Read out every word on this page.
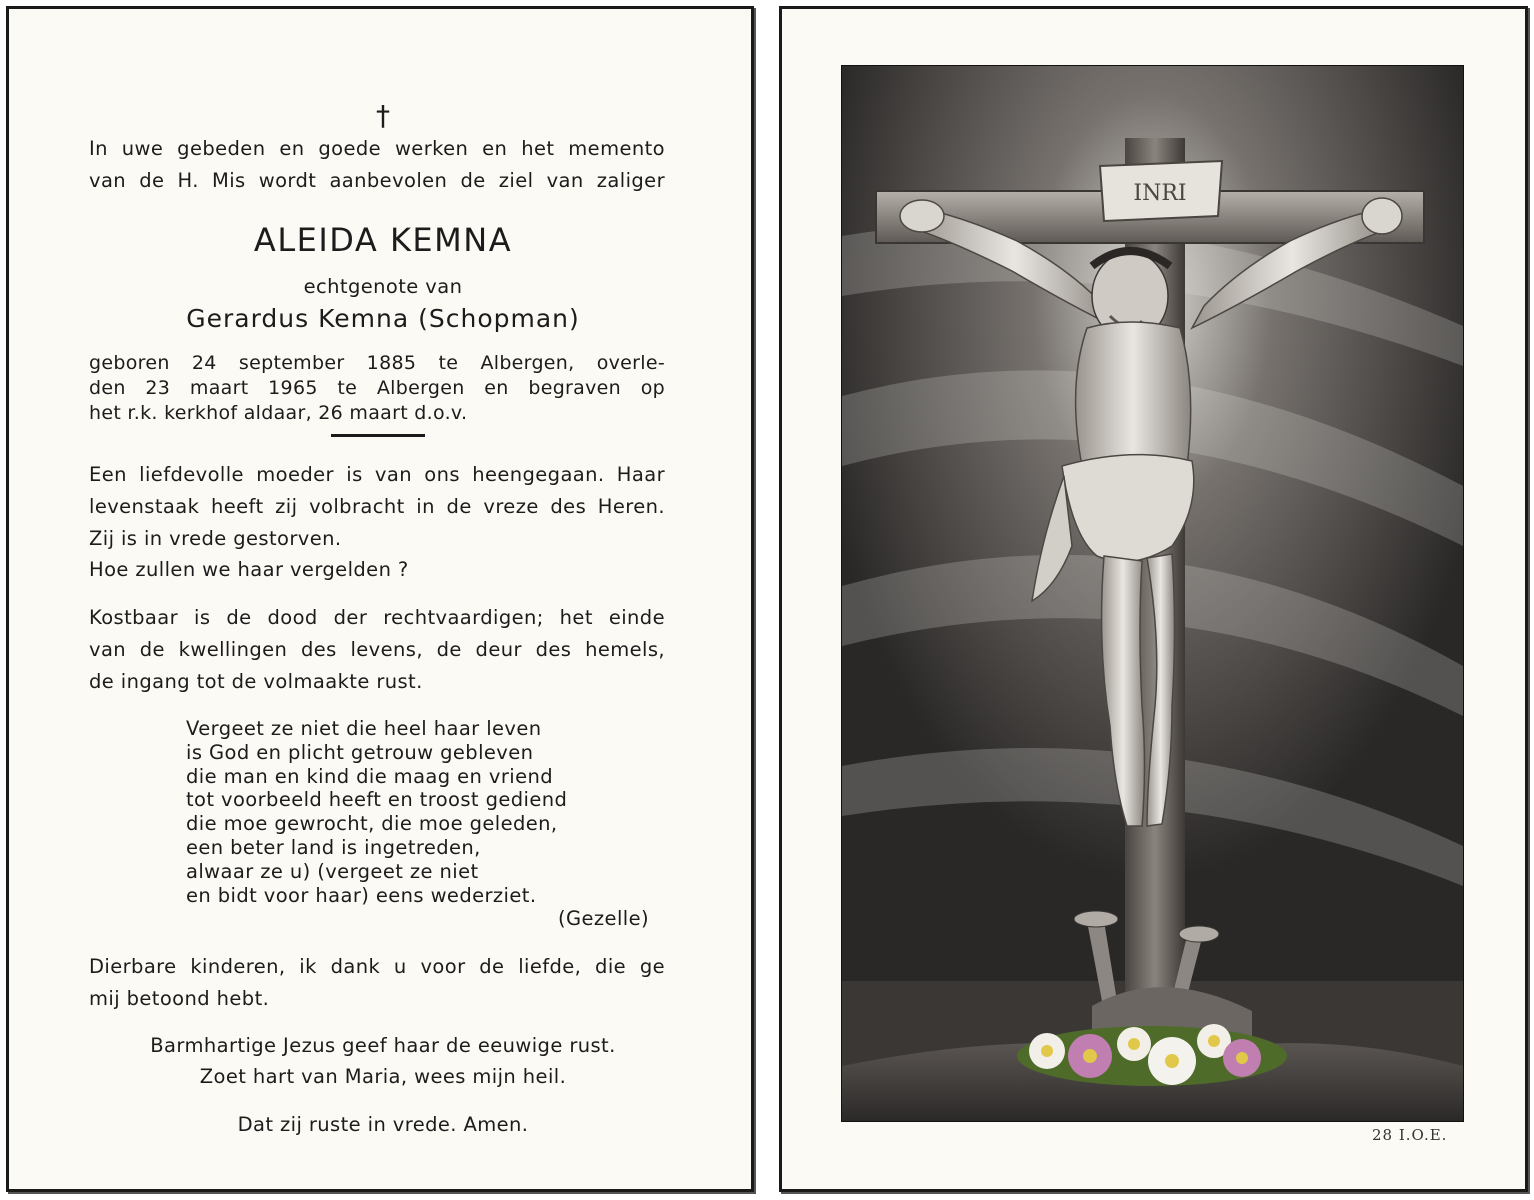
†
In uwe gebeden en goede werken en het memento
van de H. Mis wordt aanbevolen de ziel van zaliger
ALEIDA KEMNA
echtgenote van
Gerardus Kemna (Schopman)
geboren 24 september 1885 te Albergen, overle-
den 23 maart 1965 te Albergen en begraven op
het r.k. kerkhof aldaar, 26 maart d.o.v.
Een liefdevolle moeder is van ons heengegaan. Haar
levenstaak heeft zij volbracht in de vreze des Heren.
Zij is in vrede gestorven.
Hoe zullen we haar vergelden ?
Kostbaar is de dood der rechtvaardigen; het einde
van de kwellingen des levens, de deur des hemels,
de ingang tot de volmaakte rust.
Vergeet ze niet die heel haar leven
is God en plicht getrouw gebleven
die man en kind die maag en vriend
tot voorbeeld heeft en troost gediend
die moe gewrocht, die moe geleden,
een beter land is ingetreden,
alwaar ze u) (vergeet ze niet
en bidt voor haar) eens wederziet.
(Gezelle)
Dierbare kinderen, ik dank u voor de liefde, die ge
mij betoond hebt.
Barmhartige Jezus geef haar de eeuwige rust.
Zoet hart van Maria, wees mijn heil.
Dat zij ruste in vrede. Amen.
INRI
28 I.O.E.
